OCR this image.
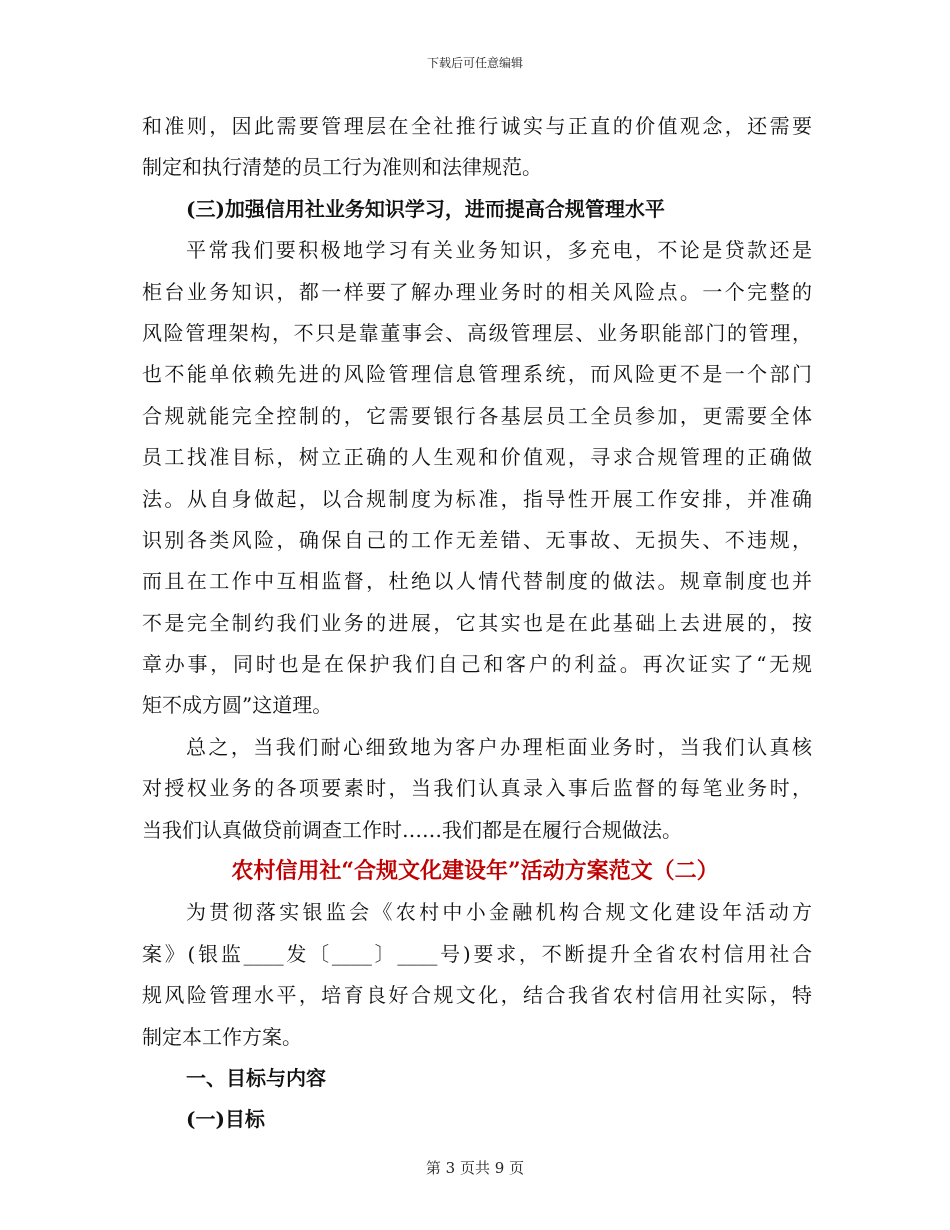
下载后可任意编辑
和准则，因此需要管理层在全社推行诚实与正直的价值观念，还需要
制定和执行清楚的员工行为准则和法律规范。
(三)加强信用社业务知识学习，进而提高合规管理水平
平常我们要积极地学习有关业务知识，多充电，不论是贷款还是
柜台业务知识，都一样要了解办理业务时的相关风险点。一个完整的
风险管理架构，不只是靠董事会、高级管理层、业务职能部门的管理，
也不能单依赖先进的风险管理信息管理系统，而风险更不是一个部门
合规就能完全控制的，它需要银行各基层员工全员参加，更需要全体
员工找准目标，树立正确的人生观和价值观，寻求合规管理的正确做
法。从自身做起，以合规制度为标准，指导性开展工作安排，并准确
识别各类风险，确保自己的工作无差错、无事故、无损失、不违规，
而且在工作中互相监督，杜绝以人情代替制度的做法。规章制度也并
不是完全制约我们业务的进展，它其实也是在此基础上去进展的，按
章办事，同时也是在保护我们自己和客户的利益。再次证实了“无规
矩不成方圆”这道理。
总之，当我们耐心细致地为客户办理柜面业务时，当我们认真核
对授权业务的各项要素时，当我们认真录入事后监督的每笔业务时，
当我们认真做贷前调查工作时……我们都是在履行合规做法。
农村信用社“合规文化建设年”活动方案范文（二）
为贯彻落实银监会《农村中小金融机构合规文化建设年活动方
案》(银监____发〔____〕____号)要求，不断提升全省农村信用社合
规风险管理水平，培育良好合规文化，结合我省农村信用社实际，特
制定本工作方案。
一、目标与内容
(一)目标
第 3 页共 9 页
